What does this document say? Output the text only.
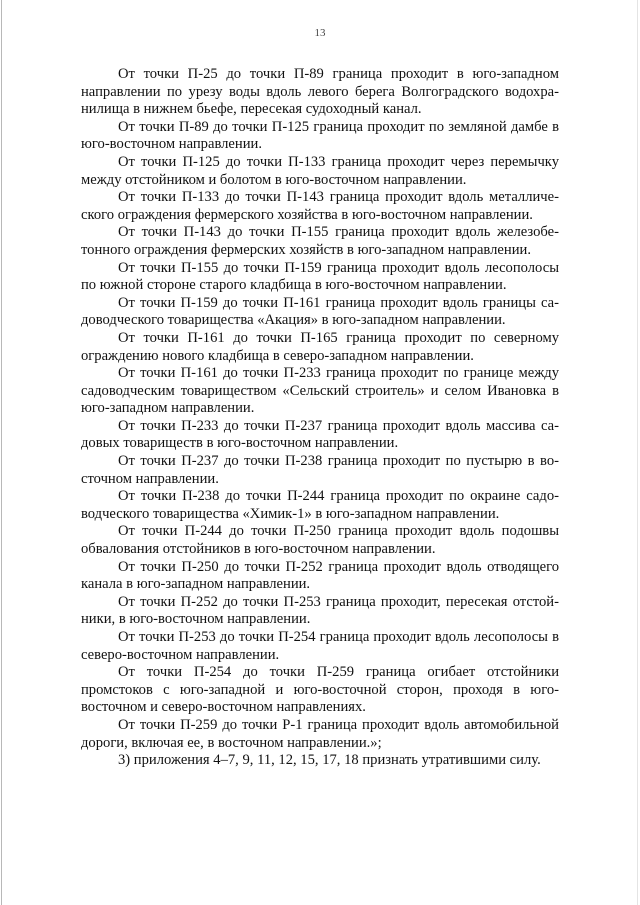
13

От точки П-25 до точки П-89 граница проходит в юго-западном направлении по урезу воды вдоль левого берега Волгоградского водохранилища в нижнем бьефе, пересекая судоходный канал.

От точки П-89 до точки П-125 граница проходит по земляной дамбе в юго-восточном направлении.

От точки П-125 до точки П-133 граница проходит через перемычку между отстойником и болотом в юго-восточном направлении.

От точки П-133 до точки П-143 граница проходит вдоль металлического ограждения фермерского хозяйства в юго-восточном направлении.

От точки П-143 до точки П-155 граница проходит вдоль железобетонного ограждения фермерских хозяйств в юго-западном направлении.

От точки П-155 до точки П-159 граница проходит вдоль лесополосы по южной стороне старого кладбища в юго-восточном направлении.

От точки П-159 до точки П-161 граница проходит вдоль границы садоводческого товарищества «Акация» в юго-западном направлении.

От точки П-161 до точки П-165 граница проходит по северному ограждению нового кладбища в северо-западном направлении.

От точки П-161 до точки П-233 граница проходит по границе между садоводческим товариществом «Сельский строитель» и селом Ивановка в юго-западном направлении.

От точки П-233 до точки П-237 граница проходит вдоль массива садовых товариществ в юго-восточном направлении.

От точки П-237 до точки П-238 граница проходит по пустырю в восточном направлении.

От точки П-238 до точки П-244 граница проходит по окраине садоводческого товарищества «Химик-1» в юго-западном направлении.

От точки П-244 до точки П-250 граница проходит вдоль подошвы обвалования отстойников в юго-восточном направлении.

От точки П-250 до точки П-252 граница проходит вдоль отводящего канала в юго-западном направлении.

От точки П-252 до точки П-253 граница проходит, пересекая отстойники, в юго-восточном направлении.

От точки П-253 до точки П-254 граница проходит вдоль лесополосы в северо-восточном направлении.

От точки П-254 до точки П-259 граница огибает отстойники промстоков с юго-западной и юго-восточной сторон, проходя в юговосточном и северо-восточном направлениях.

От точки П-259 до точки Р-1 граница проходит вдоль автомобильной дороги, включая ее, в восточном направлении.»;

3) приложения 4–7, 9, 11, 12, 15, 17, 18 признать утратившими силу.
